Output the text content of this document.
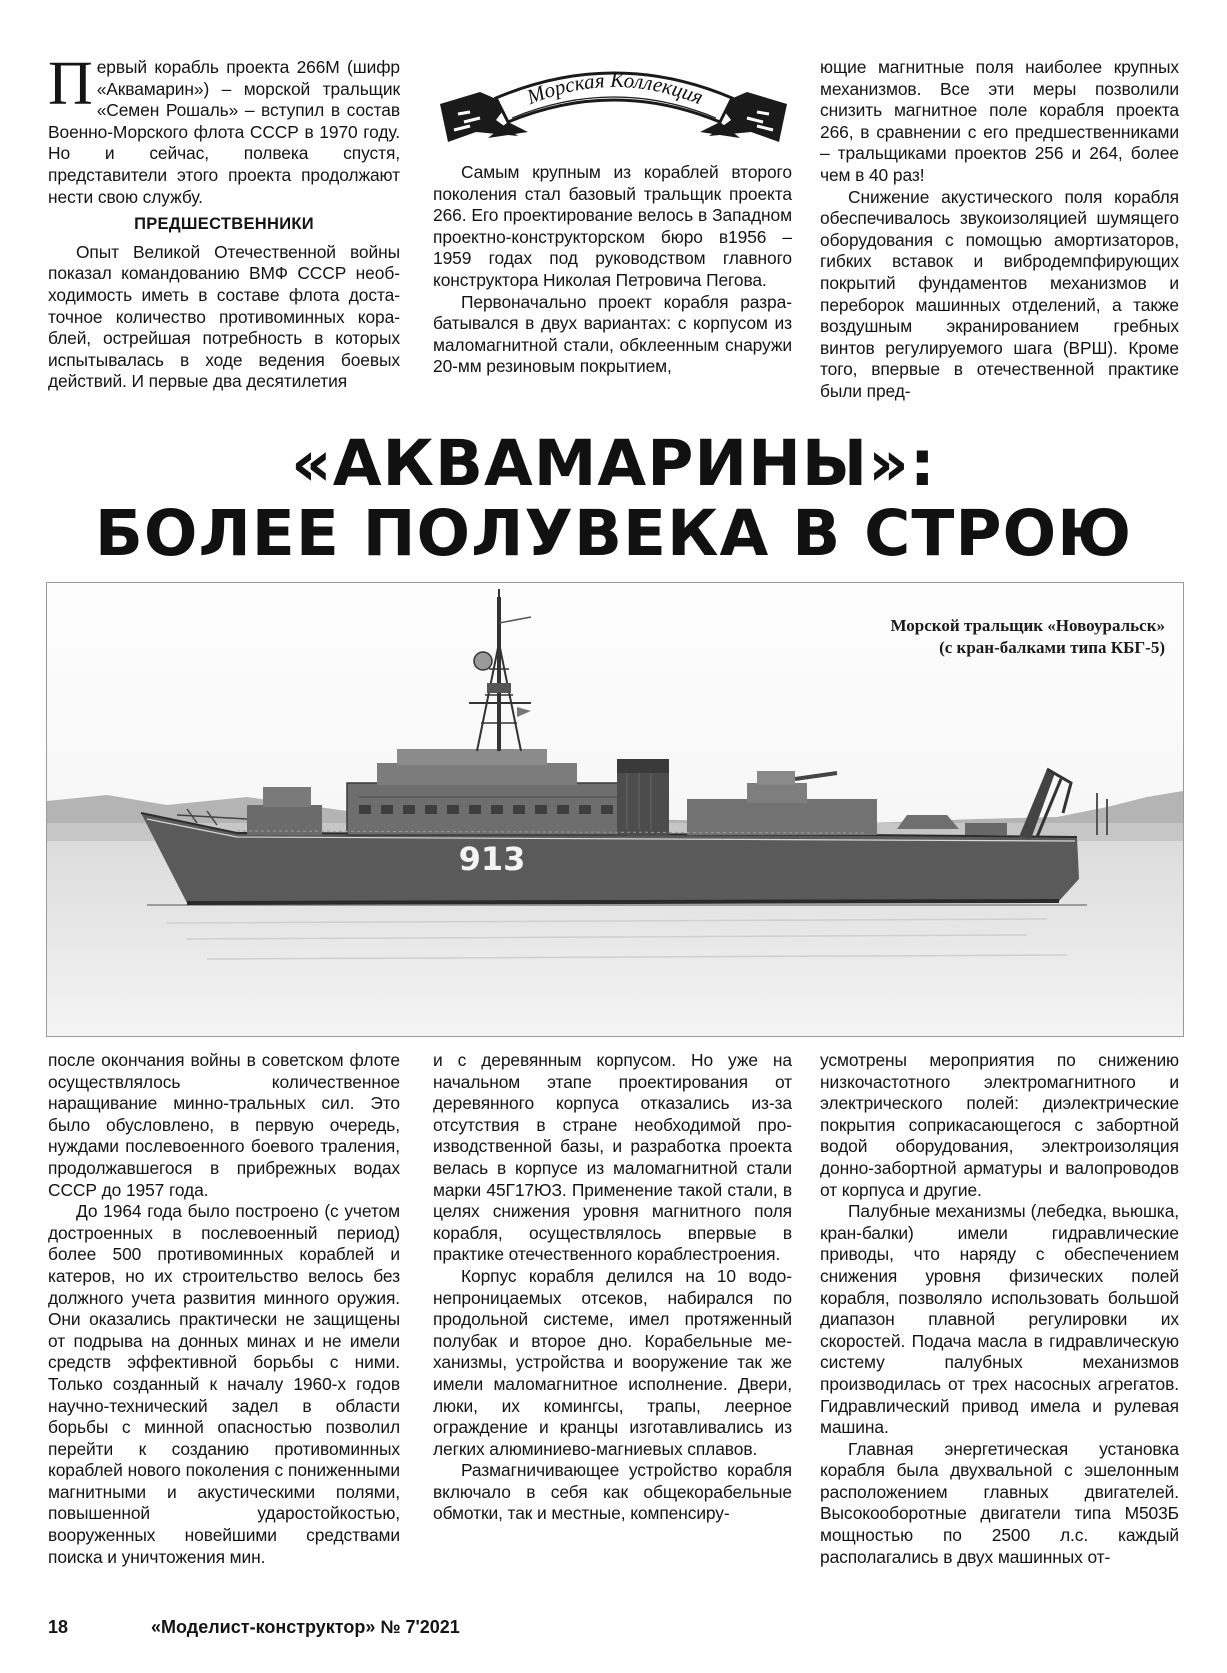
Первый корабль проекта 266М (шифр «Аквамарин») – морской тральщик «Семен Рошаль» – вступил в состав Военно-Морского флота СССР в 1970 году. Но и сейчас, полвека спустя, представители этого проекта продолжают нести свою службу.

ПРЕДШЕСТВЕННИКИ

Опыт Великой Отечественной войны показал командованию ВМФ СССР необходимость иметь в составе флота достаточное количество противоминных кораблей, острейшая потребность в которых испытывалась в ходе ведения боевых действий. И первые два десятилетия

Морская Коллекция

Самым крупным из кораблей второго поколения стал базовый тральщик проекта 266. Его проектирование велось в Западном проектно-конструкторском бюро в1956 – 1959 годах под руководством главного конструктора Николая Петровича Пегова.

Первоначально проект корабля разрабатывался в двух вариантах: с корпусом из маломагнитной стали, обклеенным снаружи 20-мм резиновым покрытием,

ющие магнитные поля наиболее крупных механизмов. Все эти меры позволили снизить магнитное поле корабля проекта 266, в сравнении с его предшественниками – тральщиками проектов 256 и 264, более чем в 40 раз!

Снижение акустического поля корабля обеспечивалось звукоизоляцией шумящего оборудования с помощью амортизаторов, гибких вставок и вибродемпфирующих покрытий фундаментов механизмов и переборок машинных отделений, а также воздушным экранированием гребных винтов регулируемого шага (ВРШ). Кроме того, впервые в отечественной практике были пред-

«АКВАМАРИНЫ»:
БОЛЕЕ ПОЛУВЕКА В СТРОЮ
913
Морской тральщик «Новоуральск»
(с кран-балками типа КБГ-5)

после окончания войны в советском флоте осуществлялось количественное наращивание минно-тральных сил. Это было обусловлено, в первую очередь, нуждами послевоенного боевого траления, продолжавшегося в прибрежных водах СССР до 1957 года.

До 1964 года было построено (с учетом достроенных в послевоенный период) более 500 противоминных кораблей и катеров, но их строительство велось без должного учета развития минного оружия. Они оказались практически не защищены от подрыва на донных минах и не имели средств эффективной борьбы с ними. Только созданный к началу 1960-х годов научно-технический задел в области борьбы с минной опасностью позволил перейти к созданию противоминных кораблей нового поколения с пониженными магнитными и акустическими полями, повышенной ударостойкостью, вооруженных новейшими средствами поиска и уничтожения мин.

и с деревянным корпусом. Но уже на начальном этапе проектирования от деревянного корпуса отказались из-за отсутствия в стране необходимой производственной базы, и разработка проекта велась в корпусе из маломагнитной стали марки 45Г17ЮЗ. Применение такой стали, в целях снижения уровня магнитного поля корабля, осуществлялось впервые в практике отечественного кораблестроения.

Корпус корабля делился на 10 водонепроницаемых отсеков, набирался по продольной системе, имел протяженный полубак и второе дно. Корабельные механизмы, устройства и вооружение так же имели маломагнитное исполнение. Двери, люки, их комингсы, трапы, леерное ограждение и кранцы изготавливались из легких алюминиево-магниевых сплавов.

Размагничивающее устройство корабля включало в себя как общекорабельные обмотки, так и местные, компенсиру-

усмотрены мероприятия по снижению низкочастотного электромагнитного и электрического полей: диэлектрические покрытия соприкасающегося с забортной водой оборудования, электроизоляция донно-забортной арматуры и валопроводов от корпуса и другие.

Палубные механизмы (лебедка, вьюшка, кран-балки) имели гидравлические приводы, что наряду с обеспечением снижения уровня физических полей корабля, позволяло использовать большой диапазон плавной регулировки их скоростей. Подача масла в гидравлическую систему палубных механизмов производилась от трех насосных агрегатов. Гидравлический привод имела и рулевая машина.

Главная энергетическая установка корабля была двухвальной с эшелонным расположением главных двигателей. Высокооборотные двигатели типа М503Б мощностью по 2500 л.с. каждый располагались в двух машинных от-

18	«Моделист-конструктор» № 7'2021
